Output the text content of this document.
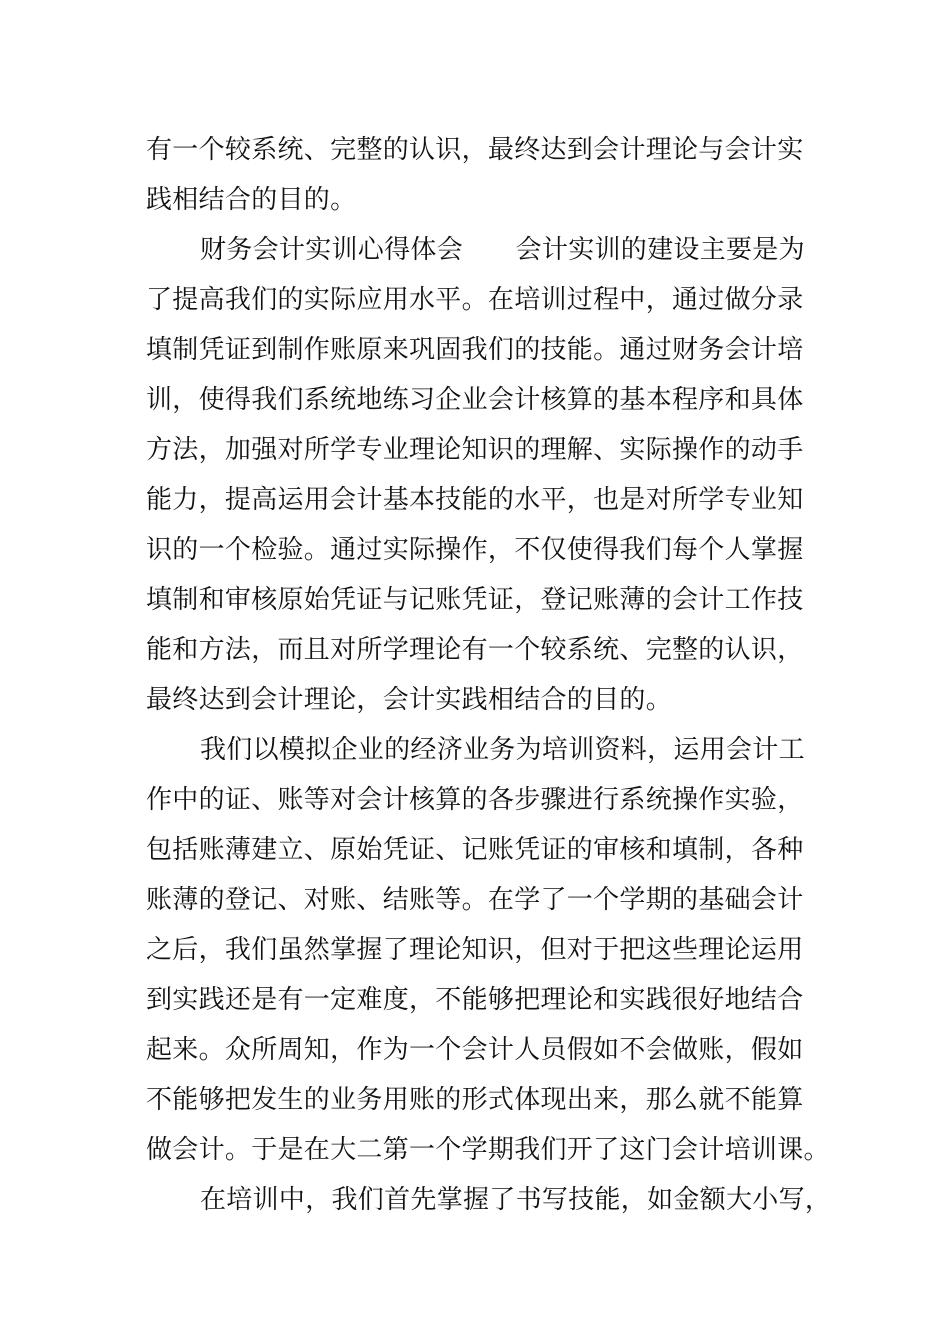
有一个较系统、完整的认识，最终达到会计理论与会计实
践相结合的目的。
财务会计实训心得体会　　会计实训的建设主要是为
了提高我们的实际应用水平。在培训过程中，通过做分录
填制凭证到制作账原来巩固我们的技能。通过财务会计培
训，使得我们系统地练习企业会计核算的基本程序和具体
方法，加强对所学专业理论知识的理解、实际操作的动手
能力，提高运用会计基本技能的水平，也是对所学专业知
识的一个检验。通过实际操作，不仅使得我们每个人掌握
填制和审核原始凭证与记账凭证，登记账薄的会计工作技
能和方法，而且对所学理论有一个较系统、完整的认识，
最终达到会计理论，会计实践相结合的目的。
我们以模拟企业的经济业务为培训资料，运用会计工
作中的证、账等对会计核算的各步骤进行系统操作实验，
包括账薄建立、原始凭证、记账凭证的审核和填制，各种
账薄的登记、对账、结账等。在学了一个学期的基础会计
之后，我们虽然掌握了理论知识，但对于把这些理论运用
到实践还是有一定难度，不能够把理论和实践很好地结合
起来。众所周知，作为一个会计人员假如不会做账，假如
不能够把发生的业务用账的形式体现出来，那么就不能算
做会计。于是在大二第一个学期我们开了这门会计培训课。
在培训中，我们首先掌握了书写技能，如金额大小写，
